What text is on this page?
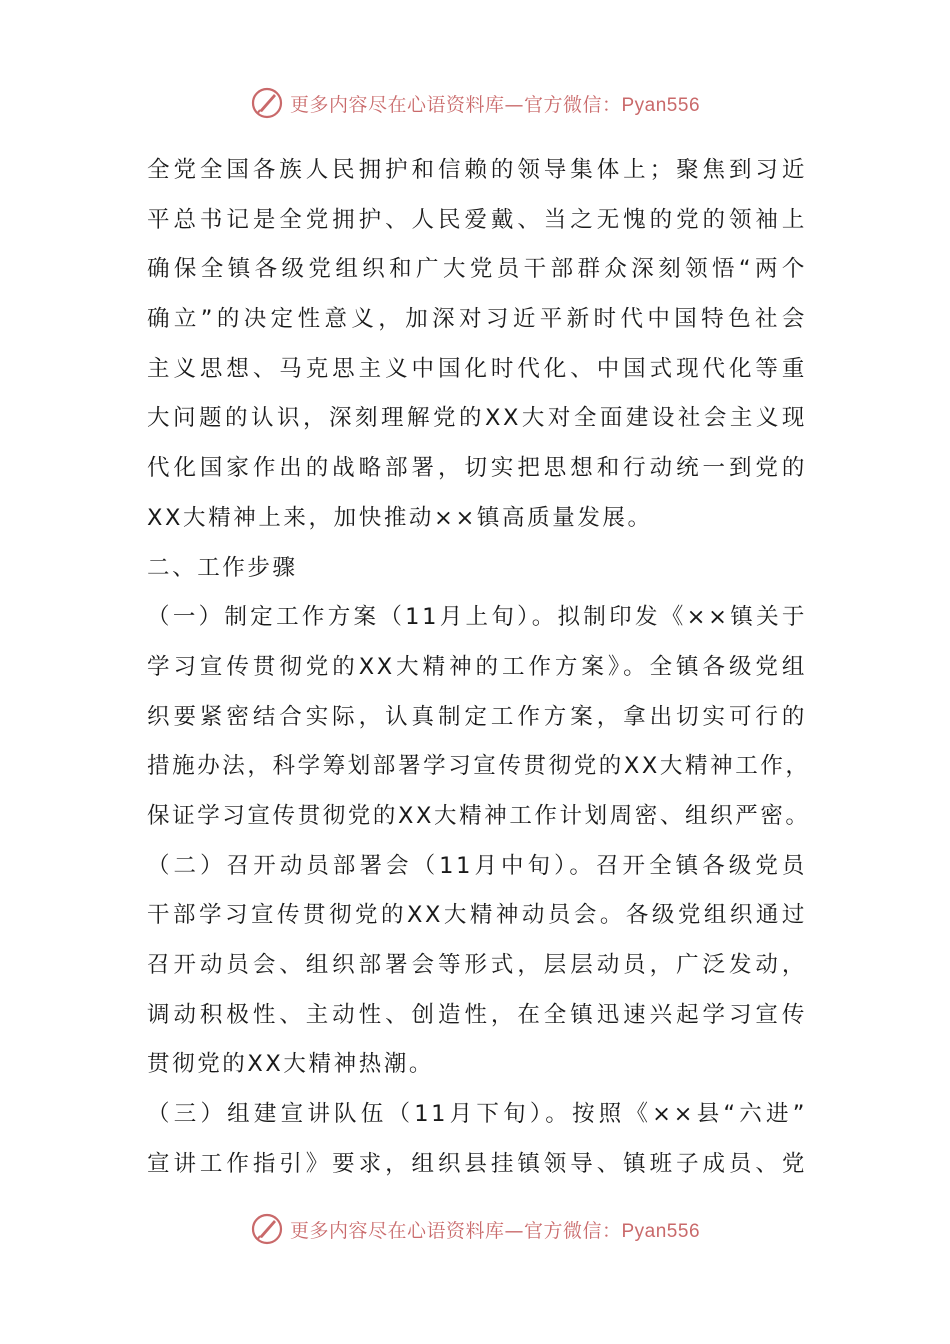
更多内容尽在心语资料库—官方微信：Pyan556
全党全国各族人民拥护和信赖的领导集体上；聚焦到习近
平总书记是全党拥护、人民爱戴、当之无愧的党的领袖上
确保全镇各级党组织和广大党员干部群众深刻领悟“两个
确立”的决定性意义，加深对习近平新时代中国特色社会
主义思想、马克思主义中国化时代化、中国式现代化等重
大问题的认识，深刻理解党的XX大对全面建设社会主义现
代化国家作出的战略部署，切实把思想和行动统一到党的
XX大精神上来，加快推动××镇高质量发展。
二、工作步骤
（一）制定工作方案（11月上旬）。拟制印发《××镇关于
学习宣传贯彻党的XX大精神的工作方案》。全镇各级党组
织要紧密结合实际，认真制定工作方案，拿出切实可行的
措施办法，科学筹划部署学习宣传贯彻党的XX大精神工作，
保证学习宣传贯彻党的XX大精神工作计划周密、组织严密。
（二）召开动员部署会（11月中旬）。召开全镇各级党员
干部学习宣传贯彻党的XX大精神动员会。各级党组织通过
召开动员会、组织部署会等形式，层层动员，广泛发动，
调动积极性、主动性、创造性，在全镇迅速兴起学习宣传
贯彻党的XX大精神热潮。
（三）组建宣讲队伍（11月下旬）。按照《××县“六进”
宣讲工作指引》要求，组织县挂镇领导、镇班子成员、党
更多内容尽在心语资料库—官方微信：Pyan556
